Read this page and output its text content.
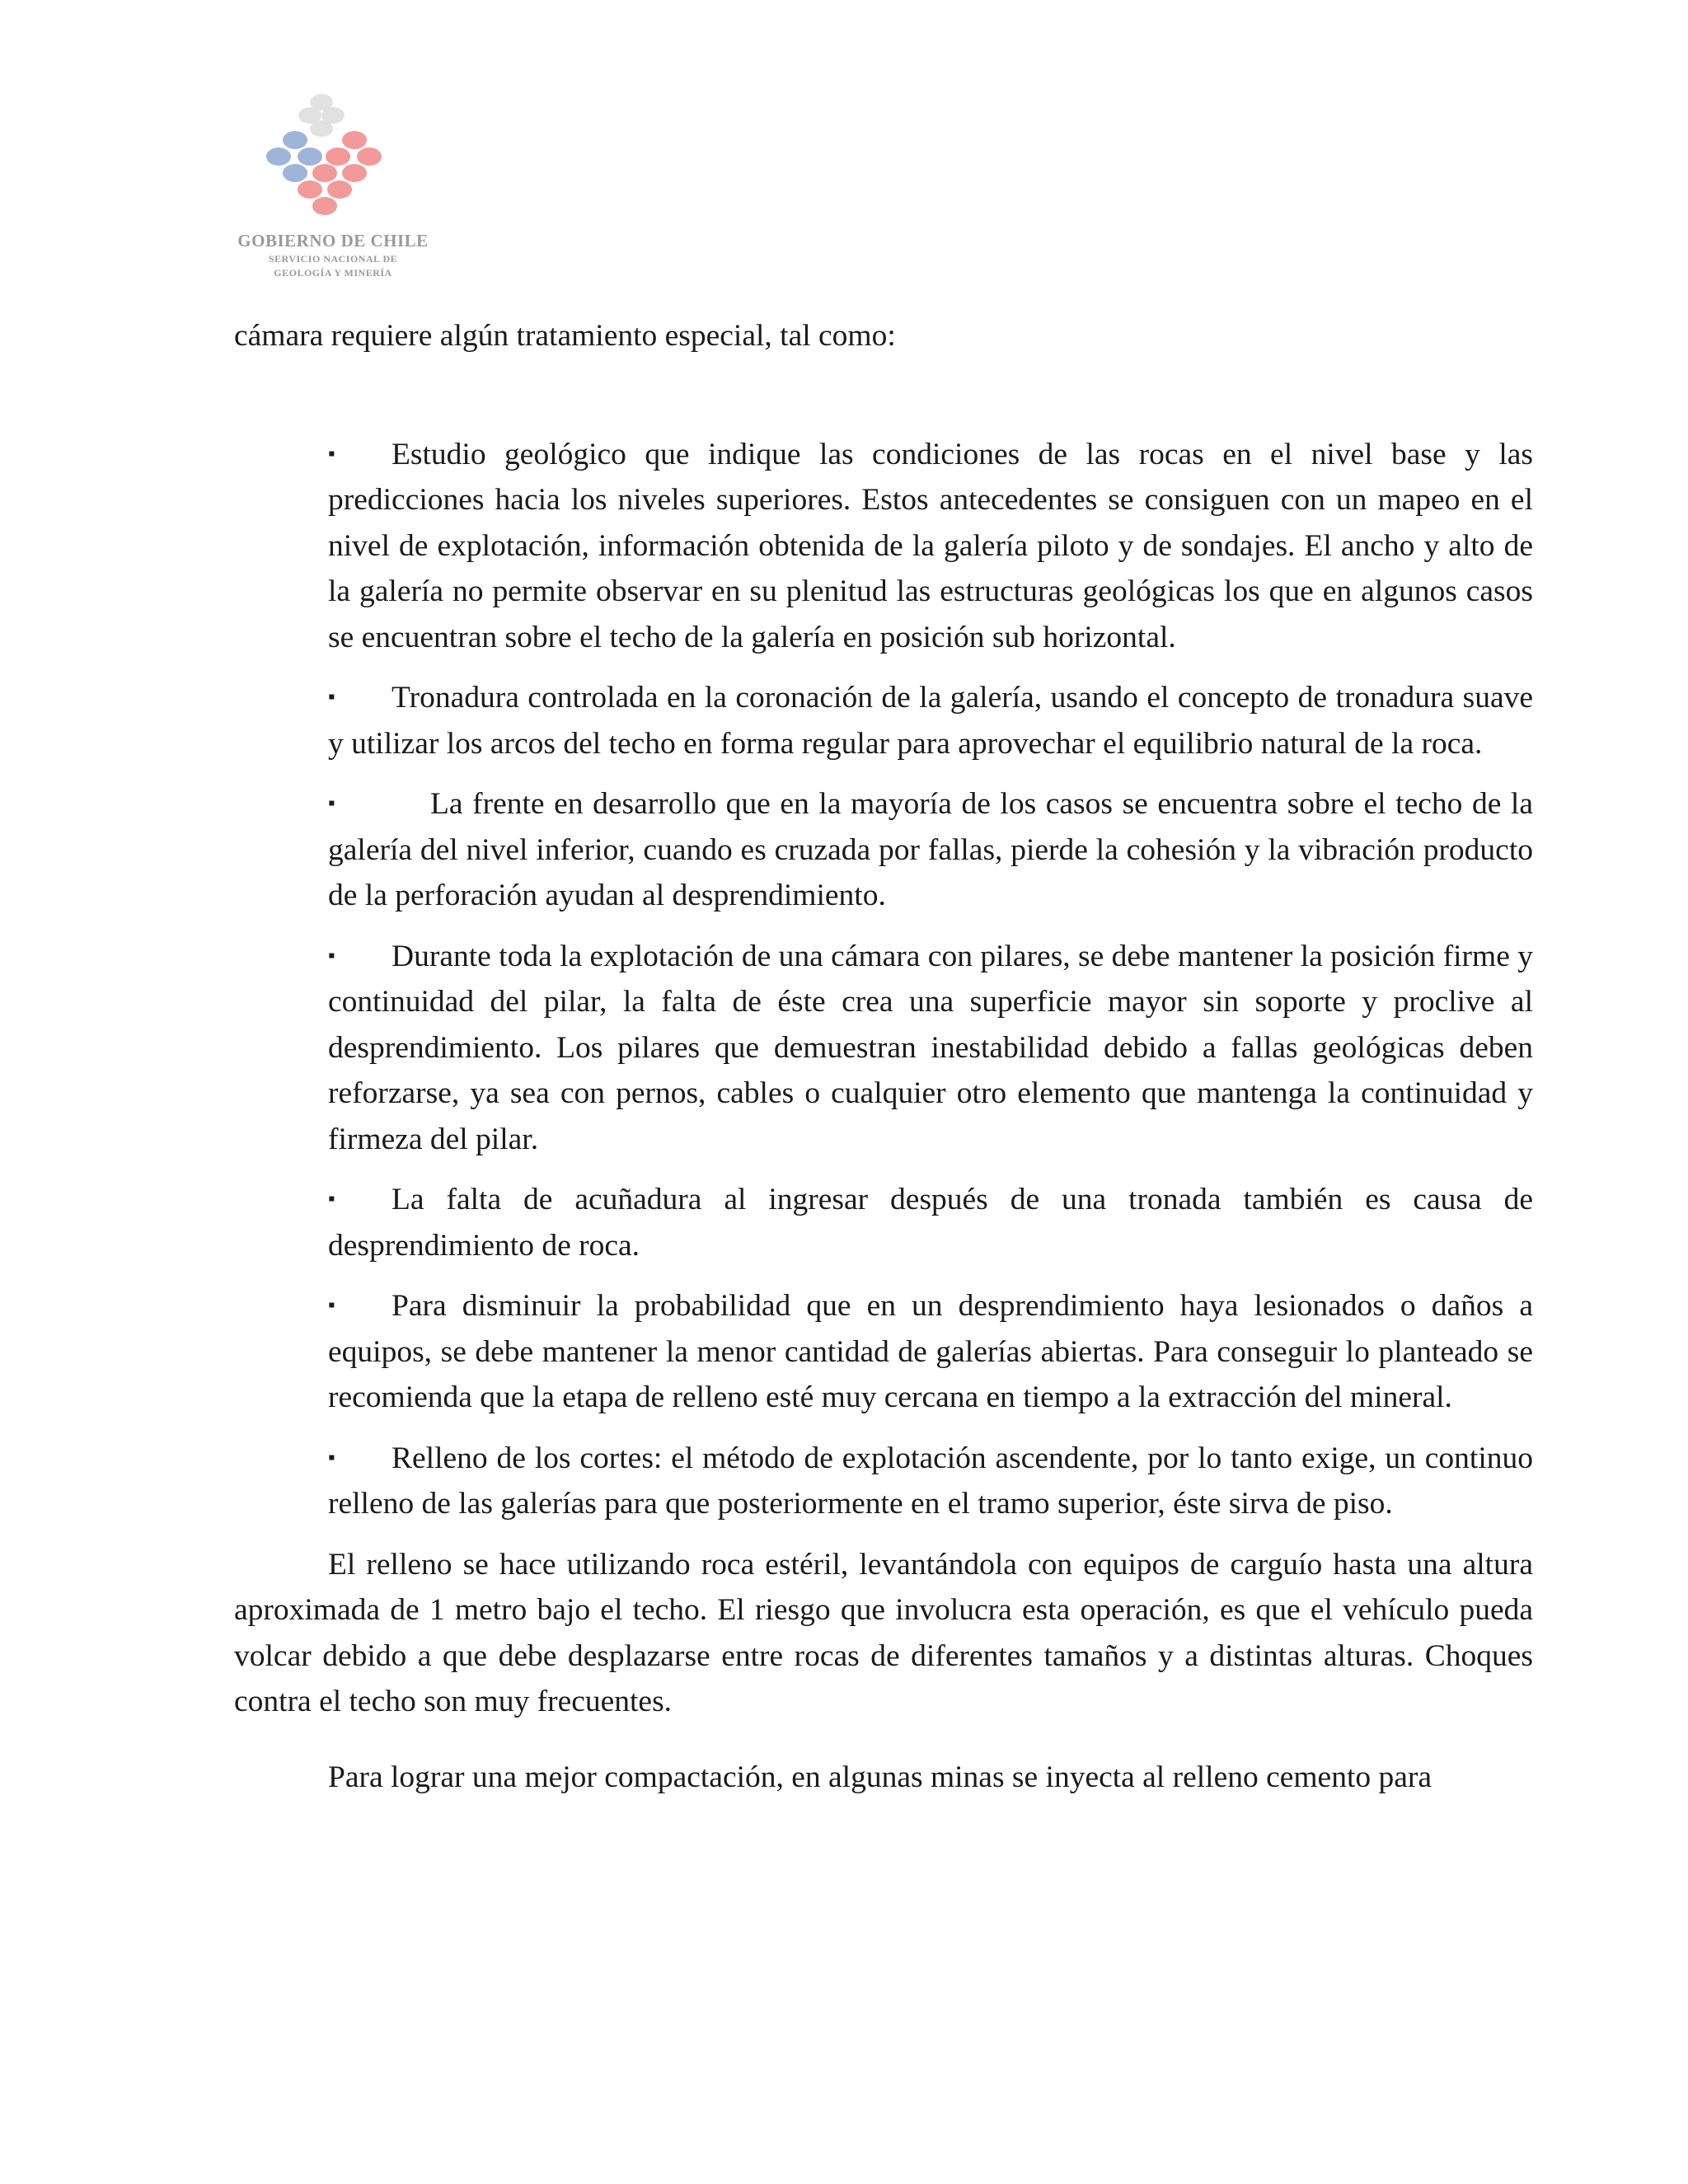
GOBIERNO DE CHILE
SERVICIO NACIONAL DE
GEOLOGÍA Y MINERÍA

cámara requiere algún tratamiento especial, tal como:

▪ Estudio geológico que indique las condiciones de las rocas en el nivel base y las predicciones hacia los niveles superiores. Estos antecedentes se consiguen con un mapeo en el nivel de explotación, información obtenida de la galería piloto y de sondajes. El ancho y alto de la galería no permite observar en su plenitud las estructuras geológicas los que en algunos casos se encuentran sobre el techo de la galería en posición sub horizontal.
▪ Tronadura controlada en la coronación de la galería, usando el concepto de tronadura suave y utilizar los arcos del techo en forma regular para aprovechar el equilibrio natural de la roca.
▪	La frente en desarrollo que en la mayoría de los casos se encuentra sobre el techo de la galería del nivel inferior, cuando es cruzada por fallas, pierde la cohesión y la vibración producto de la perforación ayudan al desprendimiento.
▪ Durante toda la explotación de una cámara con pilares, se debe mantener la posición firme y continuidad del pilar, la falta de éste crea una superficie mayor sin soporte y proclive al desprendimiento. Los pilares que demuestran inestabilidad debido a fallas geológicas deben reforzarse, ya sea con pernos, cables o cualquier otro elemento que mantenga la continuidad y firmeza del pilar.
▪ La falta de acuñadura al ingresar después de una tronada también es causa de desprendimiento de roca.
▪ Para disminuir la probabilidad que en un desprendimiento haya lesionados o daños a equipos, se debe mantener la menor cantidad de galerías abiertas. Para conseguir lo planteado se recomienda que la etapa de relleno esté muy cercana en tiempo a la extracción del mineral.
▪ Relleno de los cortes: el método de explotación ascendente, por lo tanto exige, un continuo relleno de las galerías para que posteriormente en el tramo superior, éste sirva de piso.

El relleno se hace utilizando roca estéril, levantándola con equipos de carguío hasta una altura aproximada de 1 metro bajo el techo. El riesgo que involucra esta operación, es que el vehículo pueda volcar debido a que debe desplazarse entre rocas de diferentes tamaños y a distintas alturas. Choques contra el techo son muy frecuentes.

Para lograr una mejor compactación, en algunas minas se inyecta al relleno cemento para
